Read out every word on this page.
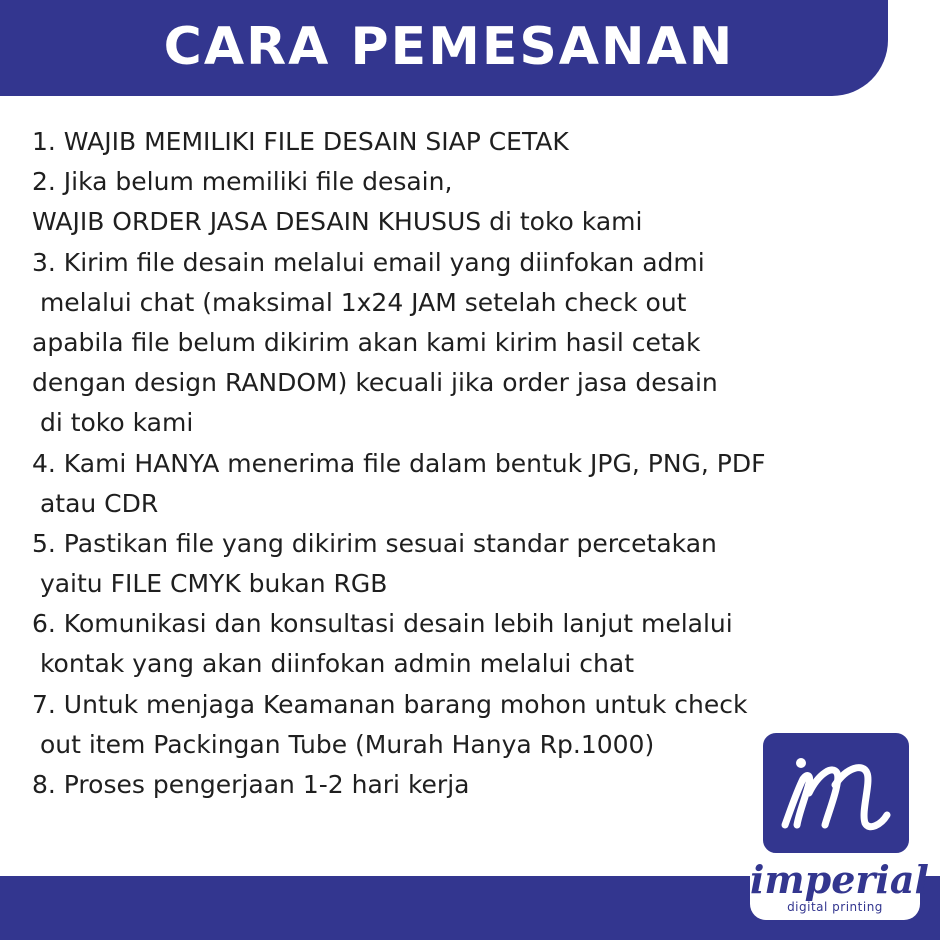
CARA PEMESANAN
1. WAJIB MEMILIKI FILE DESAIN SIAP CETAK
2. Jika belum memiliki file desain,
WAJIB ORDER JASA DESAIN KHUSUS di toko kami
3. Kirim file desain melalui email yang diinfokan admi
melalui chat (maksimal 1x24 JAM setelah check out
apabila file belum dikirim akan kami kirim hasil cetak
dengan design RANDOM) kecuali jika order jasa desain
di toko kami
4. Kami HANYA menerima file dalam bentuk JPG, PNG, PDF
atau CDR
5. Pastikan file yang dikirim sesuai standar percetakan
yaitu FILE CMYK bukan RGB
6. Komunikasi dan konsultasi desain lebih lanjut melalui
kontak yang akan diinfokan admin melalui chat
7. Untuk menjaga Keamanan barang mohon untuk check
out item Packingan Tube (Murah Hanya Rp.1000)
8. Proses pengerjaan 1-2 hari kerja
imperial
digital printing
